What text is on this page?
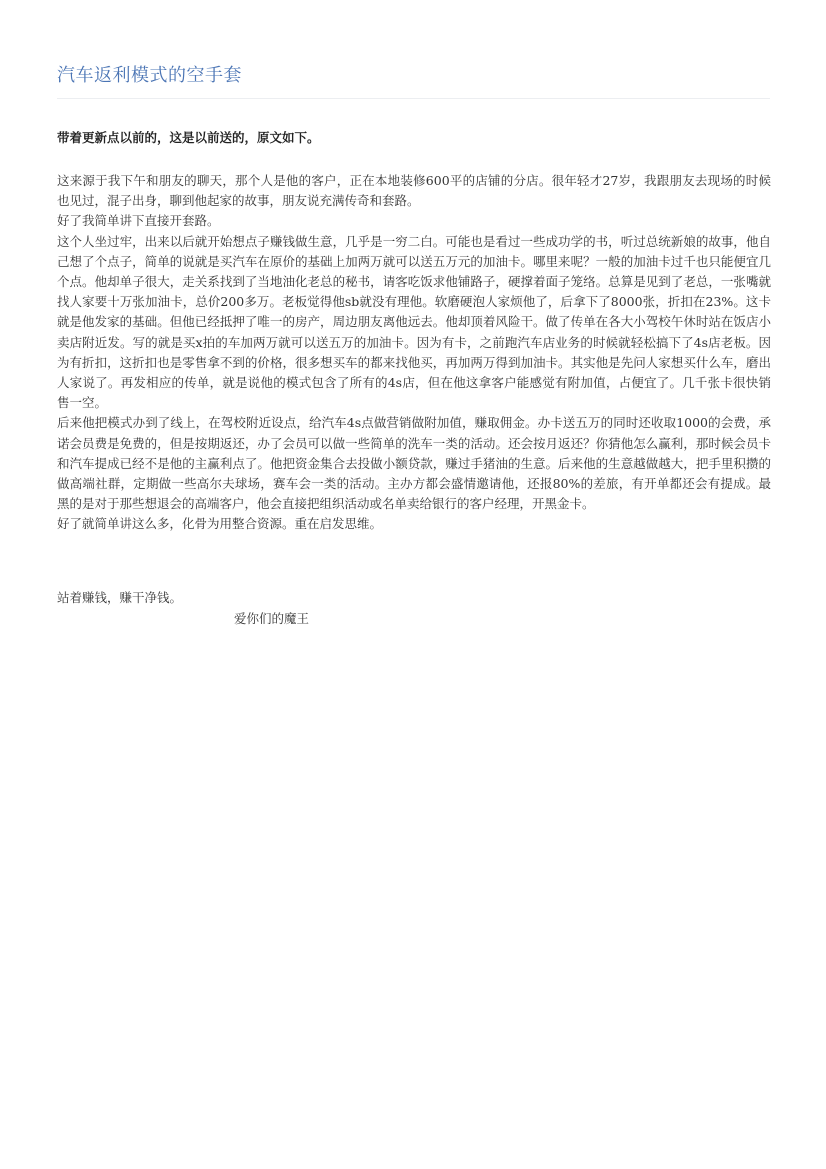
汽车返利模式的空手套
带着更新点以前的，这是以前送的，原文如下。

这来源于我下午和朋友的聊天，那个人是他的客户，正在本地装修600平的店铺的分店。很年轻才27岁，我跟朋友去现场的时候也见过，混子出身，聊到他起家的故事，朋友说充满传奇和套路。

好了我简单讲下直接开套路。

这个人坐过牢，出来以后就开始想点子赚钱做生意，几乎是一穷二白。可能也是看过一些成功学的书，听过总统新娘的故事，他自己想了个点子，简单的说就是买汽车在原价的基础上加两万就可以送五万元的加油卡。哪里来呢？一般的加油卡过千也只能便宜几个点。他却单子很大，走关系找到了当地油化老总的秘书，请客吃饭求他铺路子，硬撑着面子笼络。总算是见到了老总，一张嘴就找人家要十万张加油卡，总价200多万。老板觉得他sb就没有理他。软磨硬泡人家烦他了，后拿下了8000张，折扣在23%。这卡就是他发家的基础。但他已经抵押了唯一的房产，周边朋友离他远去。他却顶着风险干。做了传单在各大小驾校午休时站在饭店小卖店附近发。写的就是买x拍的车加两万就可以送五万的加油卡。因为有卡，之前跑汽车店业务的时候就轻松搞下了4s店老板。因为有折扣，这折扣也是零售拿不到的价格，很多想买车的都来找他买，再加两万得到加油卡。其实他是先问人家想买什么车，磨出人家说了。再发相应的传单，就是说他的模式包含了所有的4s店，但在他这拿客户能感觉有附加值，占便宜了。几千张卡很快销售一空。

后来他把模式办到了线上，在驾校附近设点，给汽车4s点做营销做附加值，赚取佣金。办卡送五万的同时还收取1000的会费，承诺会员费是免费的，但是按期返还，办了会员可以做一些简单的洗车一类的活动。还会按月返还？你猜他怎么赢利，那时候会员卡和汽车提成已经不是他的主赢利点了。他把资金集合去投做小额贷款，赚过手猪油的生意。后来他的生意越做越大，把手里积攒的做高端社群，定期做一些高尔夫球场，赛车会一类的活动。主办方都会盛情邀请他，还报80%的差旅，有开单都还会有提成。最黑的是对于那些想退会的高端客户，他会直接把组织活动或名单卖给银行的客户经理，开黑金卡。

好了就简单讲这么多，化骨为用整合资源。重在启发思维。

站着赚钱，赚干净钱。
爱你们的魔王
